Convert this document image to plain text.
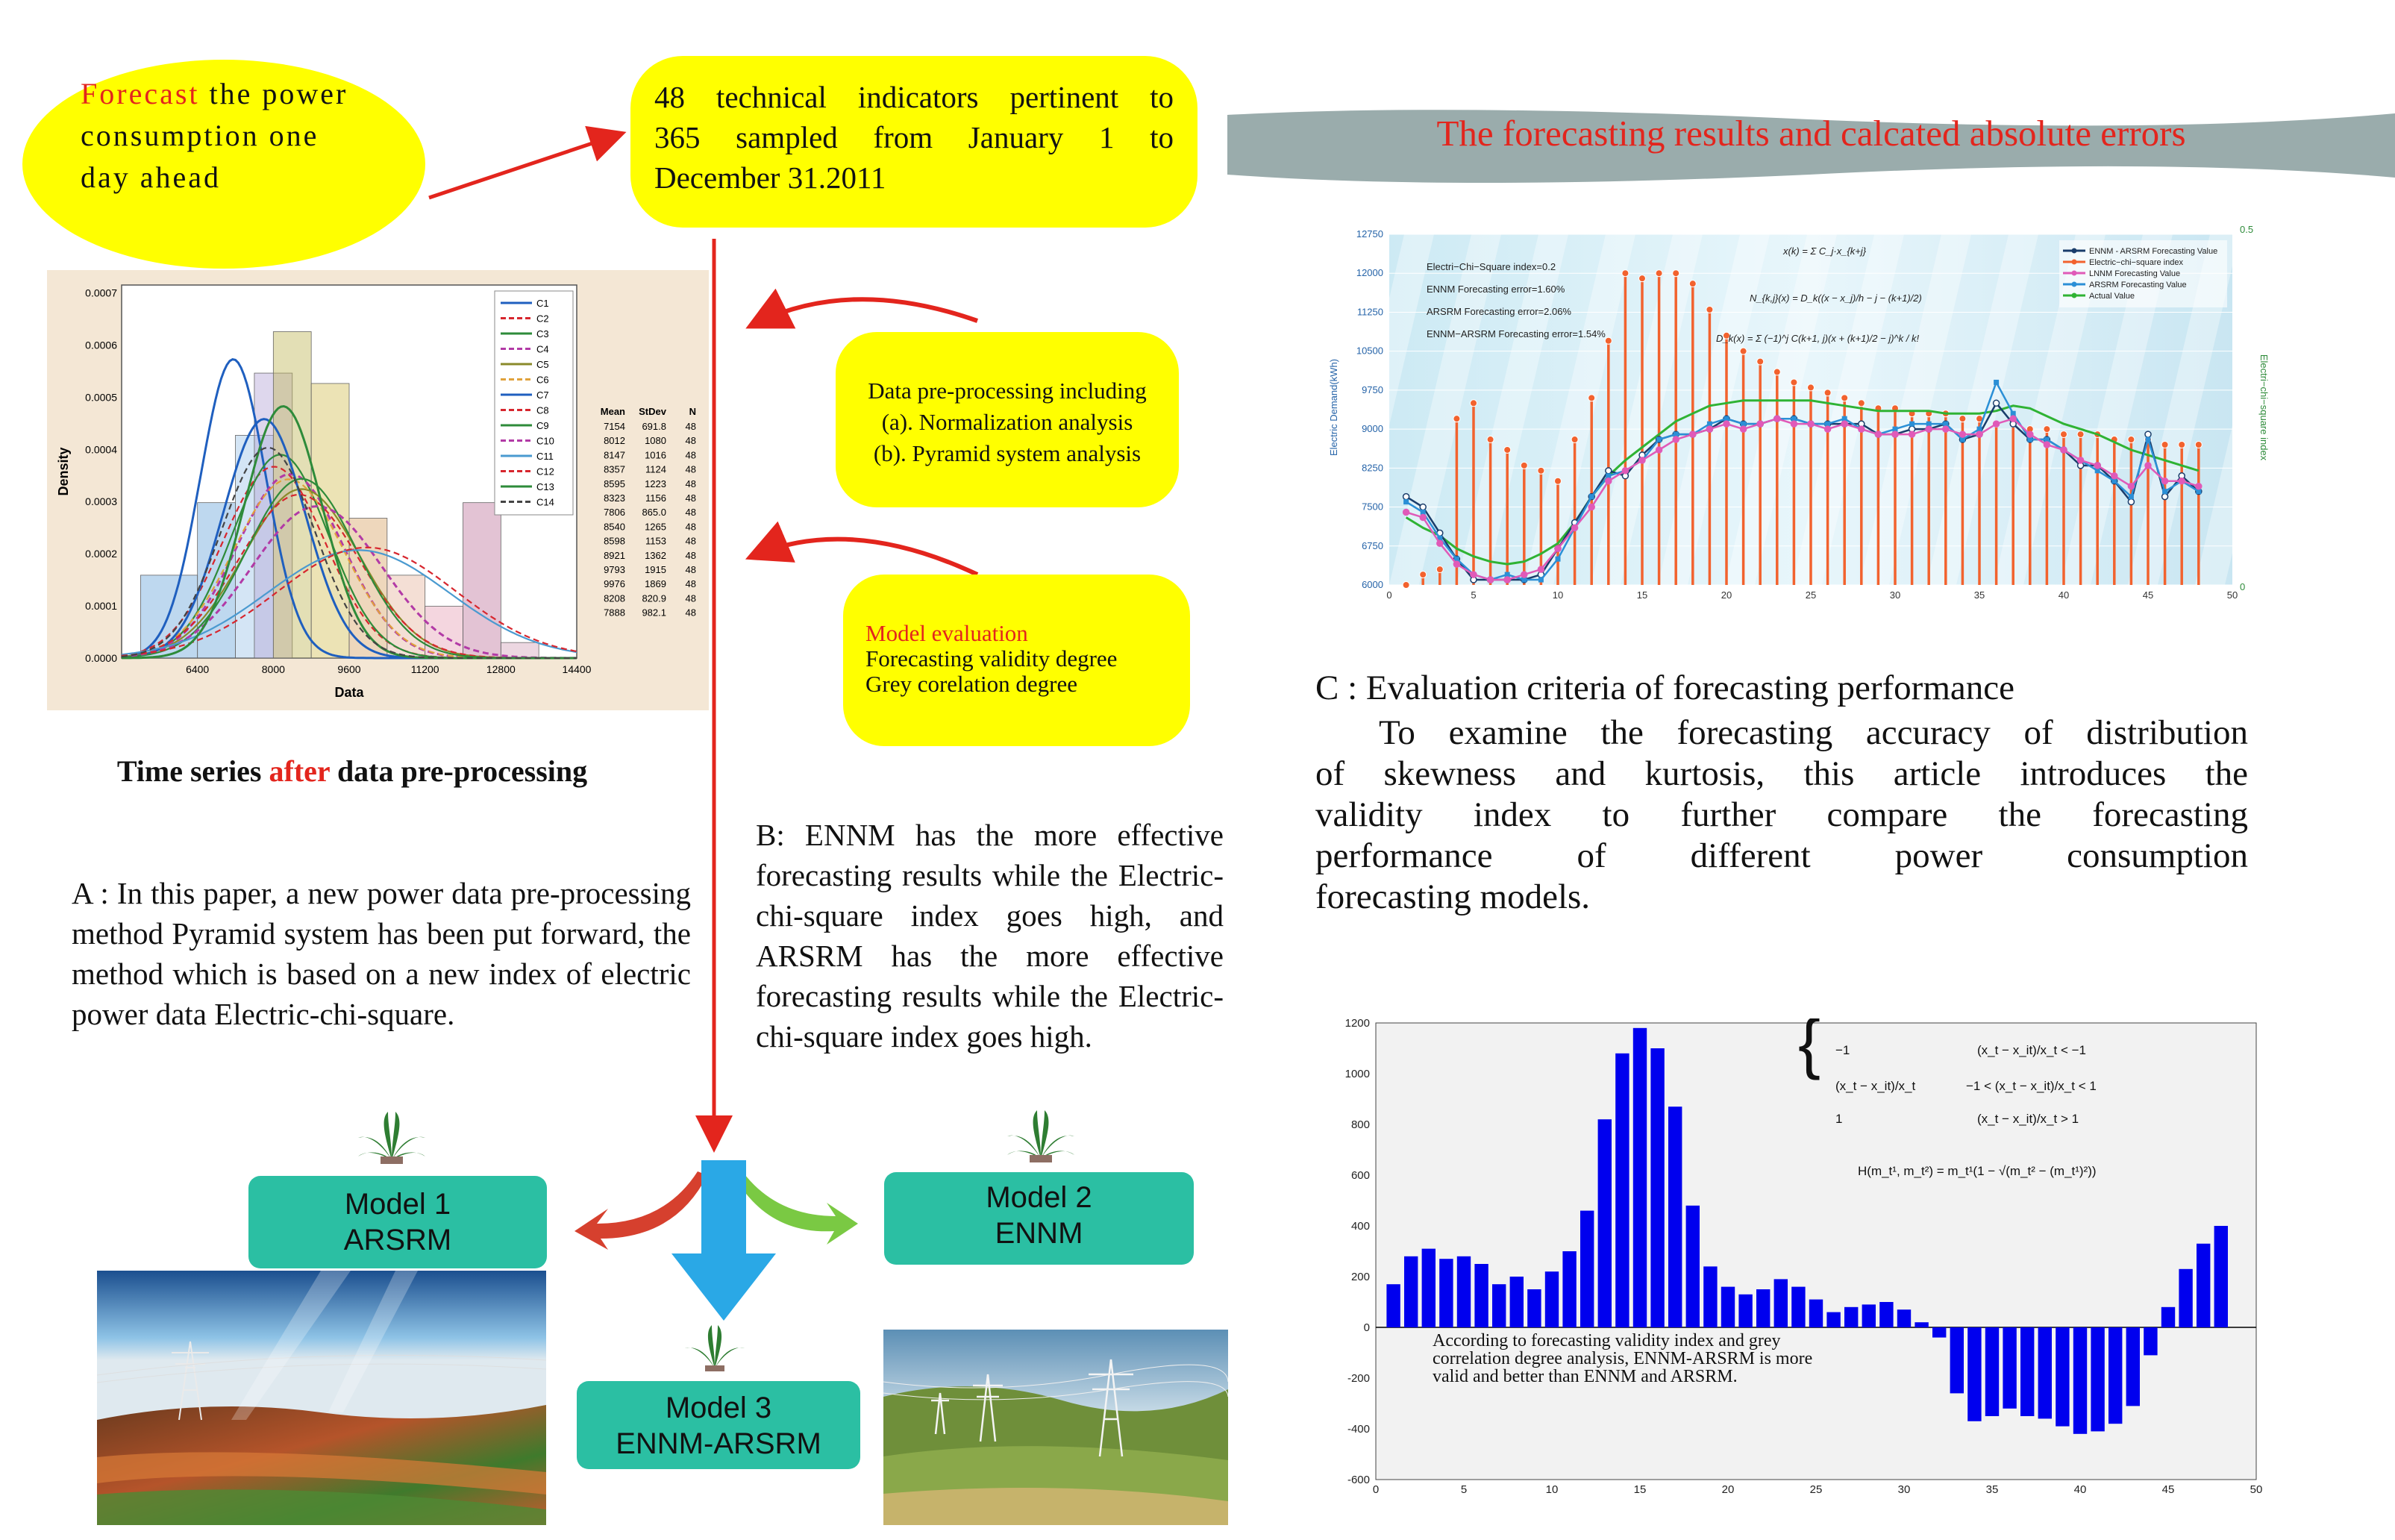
Forecast the power consumption one day ahead
48 technical indicators pertinent to
365 sampled from January 1 to
December 31.2011
The forecasting results and calcated absolute errors
Data pre-processing including
(a). Normalization analysis
(b). Pyramid system analysis
Model evaluation
Forecasting validity degree
Grey corelation degree
0.0000
0.0001
0.0002
0.0003
0.0004
0.0005
0.0006
0.0007
6400	8000	9600	11200	12800	14400
Density
Data
C1
C2
C3
C4
C5
C6
C7
C8
C9
C10
C11
C12
C13
C14
Mean StDev N
7154 691.8 48
8012 1080 48
8147 1016 48
8357 1124 48
8595 1223 48
8323 1156 48
7806 865.0 48
8540 1265 48
8598 1153 48
8921 1362 48
9793 1915 48
9976 1869 48
8208 820.9 48
7888 982.1 48
Time series after data pre-processing
A : In this paper, a new power data pre-processing method Pyramid system has been put forward, the method which is based on a new index of electric power data Electric-chi-square.
B: ENNM has the more effective forecasting results while the Electric-chi-square index goes high, and ARSRM has the more effective forecasting results while the Electric-chi-square index goes high.
6000
6750
7500
8250
9000
9750
10500
11250
12000
12750
0	5	10	15	20	25	30	35	40	45	50
Electric Demand(kWh)	Electri−chi−square index
0.5
0
Electri−Chi−Square index=0.2
ENNM Forecasting error=1.60%
ARSRM Forecasting error=2.06%
ENNM−ARSRM Forecasting error=1.54%
x(k) = Σ C_j·x_{k+j}
N_{k,j}(x) = D_k((x − x_j)/h − j − (k+1)/2)
D_k(x) = Σ (−1)^j C(k+1, j)(x + (k+1)/2 − j)^k / k!
ENNM - ARSRM Forecasting Value
Electric−chi−square index
LNNM Forecasting Value
ARSRM Forecasting Value
Actual Value
C : Evaluation criteria of forecasting performance
To examine the forecasting accuracy of distribution
of skewness and kurtosis, this article introduces the
validity index to further compare the forecasting
performance of different power consumption
forecasting models.
1200
1000
800
600
400
200
0
-200
-400
-600
0	5	10	15	20	25	30	35	40	45	50
{ −1	(x_t − x_it)/x_t < −1
(x_t − x_it)/x_t	−1 < (x_t − x_it)/x_t < 1
1	(x_t − x_it)/x_t > 1
H(m_t¹, m_t²) = m_t¹(1 − √(m_t² − (m_t¹)²))
According to forecasting validity index and grey correlation degree analysis, ENNM-ARSRM is more valid and better than ENNM and ARSRM.
Model 1
ARSRM
Model 2
ENNM
Model 3
ENNM-ARSRM
